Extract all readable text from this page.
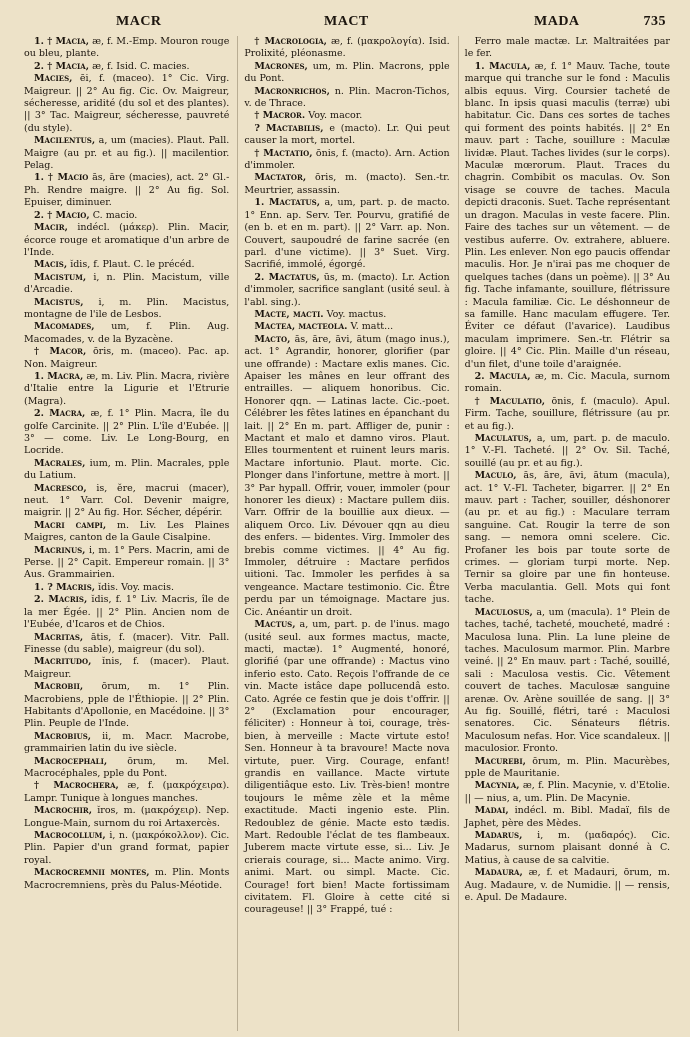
MACR	MACT	MADA	735

1. † Macia, æ, f. M.-Emp. Mouron rouge ou bleu, plante.

2. † Macia, æ, f. Isid. C. macies.

Macies, ēi, f. (maceo). 1° Cic. Virg. Maigreur. || 2° Au fig. Cic. Ov. Maigreur, sécheresse, aridité (du sol et des plantes). || 3° Tac. Maigreur, sécheresse, pauvreté (du style).

Macilentus, a, um (macies). Plaut. Pall. Maigre (au pr. et au fig.). || macilentior. Pelag.

1. † Macio ās, āre (macies), act. 2° Gl.-Ph. Rendre maigre. || 2° Au fig. Sol. Epuiser, diminuer.

2. † Macio, C. macio.

Macir, indécl. (μάκερ). Plin. Macir, écorce rouge et aromatique d'un arbre de l'Inde.

Macis, ĭdis, f. Plaut. C. le précéd.

Macistum, i, n. Plin. Macistum, ville d'Arcadie.

Macistus, i, m. Plin. Macistus, montagne de l'ile de Lesbos.

Macomades, um, f. Plin. Aug. Macomades, v. de la Byzacène.

† Macor, ōris, m. (maceo). Pac. ap. Non. Maigreur.

1. Macra, æ, m. Liv. Plin. Macra, rivière d'Italie entre la Ligurie et l'Etrurie (Magra).

2. Macra, æ, f. 1° Plin. Macra, île du golfe Carcinite. || 2° Plin. L'île d'Eubée. || 3° — come. Liv. Le Long-Bourg, en Locride.

Macrales, ium, m. Plin. Macrales, pple du Latium.

Macresco, is, ĕre, macrui (macer), neut. 1° Varr. Col. Devenir maigre, maigrir. || 2° Au fig. Hor. Sécher, dépérir.

Macri campi, m. Liv. Les Plaines Maigres, canton de la Gaule Cisalpine.

Macrinus, i, m. 1° Pers. Macrin, ami de Perse. || 2° Capit. Empereur romain. || 3° Aus. Grammairien.

1. ? Macris, ĭdis. Voy. macis.

2. Macris, ĭdis, f. 1° Liv. Macris, île de la mer Égée. || 2° Plin. Ancien nom de l'Eubée, d'Icaros et de Chios.

Macritas, ātis, f. (macer). Vitr. Pall. Finesse (du sable), maigreur (du sol).

Macritudo, ĭnis, f. (macer). Plaut. Maigreur.

Macrobii, ōrum, m. 1° Plin. Macrobiens, pple de l'Éthiopie. || 2° Plin. Habitants d'Apollonie, en Macédoine. || 3° Plin. Peuple de l'Inde.

Macrobius, ii, m. Macr. Macrobe, grammairien latin du ive siècle.

Macrocephali, ōrum, m. Mel. Macrocéphales, pple du Pont.

† Macrochera, æ, f. (μακρόχειρα). Lampr. Tunique à longues manches.

Macrochir, ĭros, m. (μακρόχειρ). Nep. Longue-Main, surnom du roi Artaxercès.

Macrocollum, i, n. (μακρόκολλον). Cic. Plin. Papier d'un grand format, papier royal.

Macrocremnii montes, m. Plin. Monts Macrocremniens, près du Palus-Méotide.

† Macrologia, æ, f. (μακρολογία). Isid. Prolixité, pléonasme.

Macrones, um, m. Plin. Macrons, pple du Pont.

Macronrichos, n. Plin. Macron-Tichos, v. de Thrace.

† Macror. Voy. macor.

? Mactabilis, e (macto). Lr. Qui peut causer la mort, mortel.

† Mactatio, ōnis, f. (macto). Arn. Action d'immoler.

Mactator, ōris, m. (macto). Sen.-tr. Meurtrier, assassin.

1. Mactatus, a, um, part. p. de macto. 1° Enn. ap. Serv. Ter. Pourvu, gratifié de (en b. et en m. part). || 2° Varr. ap. Non. Couvert, saupoudré de farine sacrée (en parl. d'une victime). || 3° Suet. Virg. Sacrifié, immolé, égorgé.

2. Mactatus, ūs, m. (macto). Lr. Action d'immoler, sacrifice sanglant (usité seul. à l'abl. sing.).

Macte, macti. Voy. mactus.

Mactea, macteola. V. matt...

Macto, ās, āre, āvi, ātum (mago inus.), act. 1° Agrandir, honorer, glorifier (par une offrande) : Mactare exlis manes. Cic. Apaiser les mânes en leur offrant des entrailles. — aliquem honoribus. Cic. Honorer qqn. — Latinas lacte. Cic.-poet. Célébrer les fêtes latines en épanchant du lait. || 2° En m. part. Affliger de, punir : Mactant et malo et damno viros. Plaut. Elles tourmentent et ruinent leurs maris. Mactare infortunio. Plaut. morte. Cic. Plonger dans l'infortune, mettre à mort. || 3° Par hypall. Offrir, vouer, immoler (pour honorer les dieux) : Mactare pullem diis. Varr. Offrir de la bouillie aux dieux. — aliquem Orco. Liv. Dévouer qqn au dieu des enfers. — bidentes. Virg. Immoler des brebis comme victimes. || 4° Au fig. Immoler, détruire : Mactare perfidos uitioni. Tac. Immoler les perfides à sa vengeance. Mactare testimonio. Cic. Être perdu par un témoignage. Mactare jus. Cic. Anéantir un droit.

Mactus, a, um, part. p. de l'inus. mago (usité seul. aux formes mactus, macte, macti, mactæ). 1° Augmenté, honoré, glorifié (par une offrande) : Mactus vino inferio esto. Cato. Reçois l'offrande de ce vin. Macte istâce dape pollucendâ esto. Cato. Agrée ce festin que je dois t'offrir. || 2° (Exclamation pour encourager, féliciter) : Honneur à toi, courage, très-bien, à merveille : Macte virtute esto! Sen. Honneur à ta bravoure! Macte nova virtute, puer. Virg. Courage, enfant! grandis en vaillance. Macte virtute diligentiâque esto. Liv. Très-bien! montre toujours le même zèle et la même exactitude. Macti ingenio este. Plin. Redoublez de génie. Macte esto tædis. Mart. Redouble l'éclat de tes flambeaux. Juberem macte virtute esse, si... Liv. Je crierais courage, si... Macte animo. Virg. animi. Mart. ou simpl. Macte. Cic. Courage! fort bien! Macte fortissimam civitatem. Fl. Gloire à cette cité si courageuse! || 3° Frappé, tué :

Ferro male mactæ. Lr. Maltraitées par le fer.

1. Macula, æ, f. 1° Mauv. Tache, toute marque qui tranche sur le fond : Maculis albis equus. Virg. Coursier tacheté de blanc. In ipsis quasi maculis (terræ) ubi habitatur. Cic. Dans ces sortes de taches qui forment des points habités. || 2° En mauv. part : Tache, souillure : Maculæ lividæ. Plaut. Taches livides (sur le corps). Maculæ mœrorum. Plaut. Traces du chagrin. Combibit os maculas. Ov. Son visage se couvre de taches. Macula depicti draconis. Suet. Tache représentant un dragon. Maculas in veste facere. Plin. Faire des taches sur un vêtement. — de vestibus auferre. Ov. extrahere, abluere. Plin. Les enlever. Non ego paucis offendar maculis. Hor. Je n'irai pas me choquer de quelques taches (dans un poème). || 3° Au fig. Tache infamante, souillure, flétrissure : Macula familiæ. Cic. Le déshonneur de sa famille. Hanc maculam effugere. Ter. Éviter ce défaut (l'avarice). Laudibus maculam imprimere. Sen.-tr. Flétrir sa gloire. || 4° Cic. Plin. Maille d'un réseau, d'un filet, d'une toile d'araignée.

2. Macula, æ, m. Cic. Macula, surnom romain.

† Maculatio, ōnis, f. (maculo). Apul. Firm. Tache, souillure, flétrissure (au pr. et au fig.).

Maculatus, a, um, part. p. de maculo. 1° V.-Fl. Tacheté. || 2° Ov. Sil. Taché, souillé (au pr. et au fig.).

Maculo, ās, āre, āvi, ātum (macula), act. 1° V.-Fl. Tacheter, bigarrer. || 2° En mauv. part : Tacher, souiller, déshonorer (au pr. et au fig.) : Maculare terram sanguine. Cat. Rougir la terre de son sang. — nemora omni scelere. Cic. Profaner les bois par toute sorte de crimes. — gloriam turpi morte. Nep. Ternir sa gloire par une fin honteuse. Verba maculantia. Gell. Mots qui font tache.

Maculosus, a, um (macula). 1° Plein de taches, taché, tacheté, moucheté, madré : Maculosa luna. Plin. La lune pleine de taches. Maculosum marmor. Plin. Marbre veiné. || 2° En mauv. part : Taché, souillé, sali : Maculosa vestis. Cic. Vêtement couvert de taches. Maculosæ sanguine arenæ. Ov. Arène souillée de sang. || 3° Au fig. Souillé, flétri, taré : Maculosi senatores. Cic. Sénateurs flétris. Maculosum nefas. Hor. Vice scandaleux. || maculosior. Fronto.

Macurebi, ōrum, m. Plin. Macurèbes, pple de Mauritanie.

Macynia, æ, f. Plin. Macynie, v. d'Etolie. || — nius, a, um. Plin. De Macynie.

Madai, indécl. m. Bibl. Madaï, fils de Japhet, père des Mèdes.

Madarus, i, m. (μαδαρός). Cic. Madarus, surnom plaisant donné à C. Matius, à cause de sa calvitie.

Madaura, æ, f. et Madauri, ōrum, m. Aug. Madaure, v. de Numidie. || — rensis, e. Apul. De Madaure.
